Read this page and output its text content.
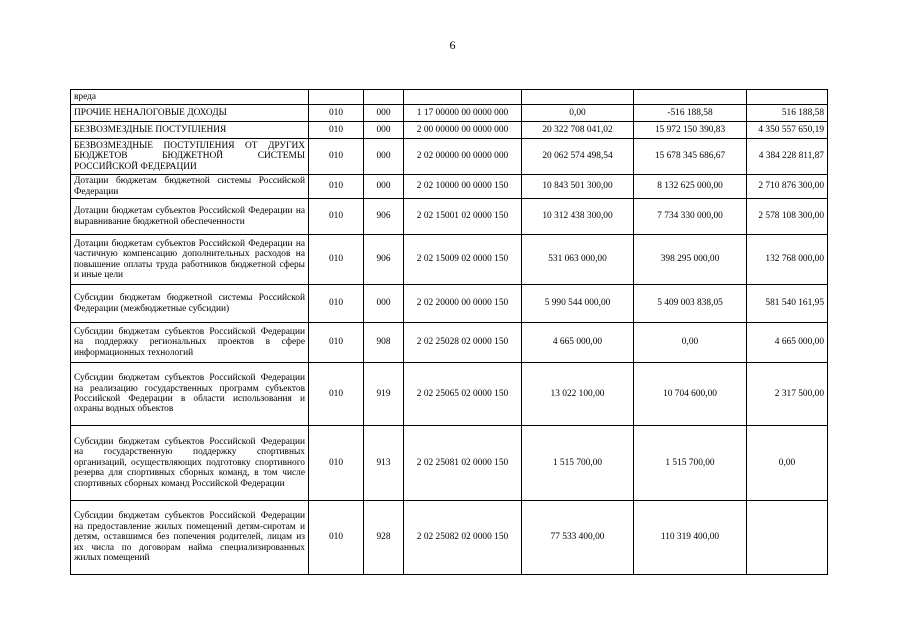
6
вреда						
ПРОЧИЕ НЕНАЛОГОВЫЕ ДОХОДЫ	010	000	1 17 00000 00 0000 000	0,00	-516 188,58	516 188,58
БЕЗВОЗМЕЗДНЫЕ ПОСТУПЛЕНИЯ	010	000	2 00 00000 00 0000 000	20 322 708 041,02	15 972 150 390,83	4 350 557 650,19
БЕЗВОЗМЕЗДНЫЕ ПОСТУПЛЕНИЯ ОТ ДРУГИХ БЮДЖЕТОВ БЮДЖЕТНОЙ СИСТЕМЫ РОССИЙСКОЙ ФЕДЕРАЦИИ	010	000	2 02 00000 00 0000 000	20 062 574 498,54	15 678 345 686,67	4 384 228 811,87
Дотации бюджетам бюджетной системы Российской Федерации	010	000	2 02 10000 00 0000 150	10 843 501 300,00	8 132 625 000,00	2 710 876 300,00
Дотации бюджетам субъектов Российской Федерации на выравнивание бюджетной обеспеченности	010	906	2 02 15001 02 0000 150	10 312 438 300,00	7 734 330 000,00	2 578 108 300,00
Дотации бюджетам субъектов Российской Федерации на частичную компенсацию дополнительных расходов на повышение оплаты труда работников бюджетной сферы и иные цели	010	906	2 02 15009 02 0000 150	531 063 000,00	398 295 000,00	132 768 000,00
Субсидии бюджетам бюджетной системы Российской Федерации (межбюджетные субсидии)	010	000	2 02 20000 00 0000 150	5 990 544 000,00	5 409 003 838,05	581 540 161,95
Субсидии бюджетам субъектов Российской Федерации на поддержку региональных проектов в сфере информационных технологий	010	908	2 02 25028 02 0000 150	4 665 000,00	0,00	4 665 000,00
Субсидии бюджетам субъектов Российской Федерации на реализацию государственных программ субъектов Российской Федерации в области использования и охраны водных объектов	010	919	2 02 25065 02 0000 150	13 022 100,00	10 704 600,00	2 317 500,00
Субсидии бюджетам субъектов Российской Федерации на государственную поддержку спортивных организаций, осуществляющих подготовку спортивного резерва для спортивных сборных команд, в том числе спортивных сборных команд Российской Федерации	010	913	2 02 25081 02 0000 150	1 515 700,00	1 515 700,00	0,00
Субсидии бюджетам субъектов Российской Федерации на предоставление жилых помещений детям-сиротам и детям, оставшимся без попечения родителей, лицам из их числа по договорам найма специализированных жилых помещений	010	928	2 02 25082 02 0000 150	77 533 400,00	110 319 400,00	
